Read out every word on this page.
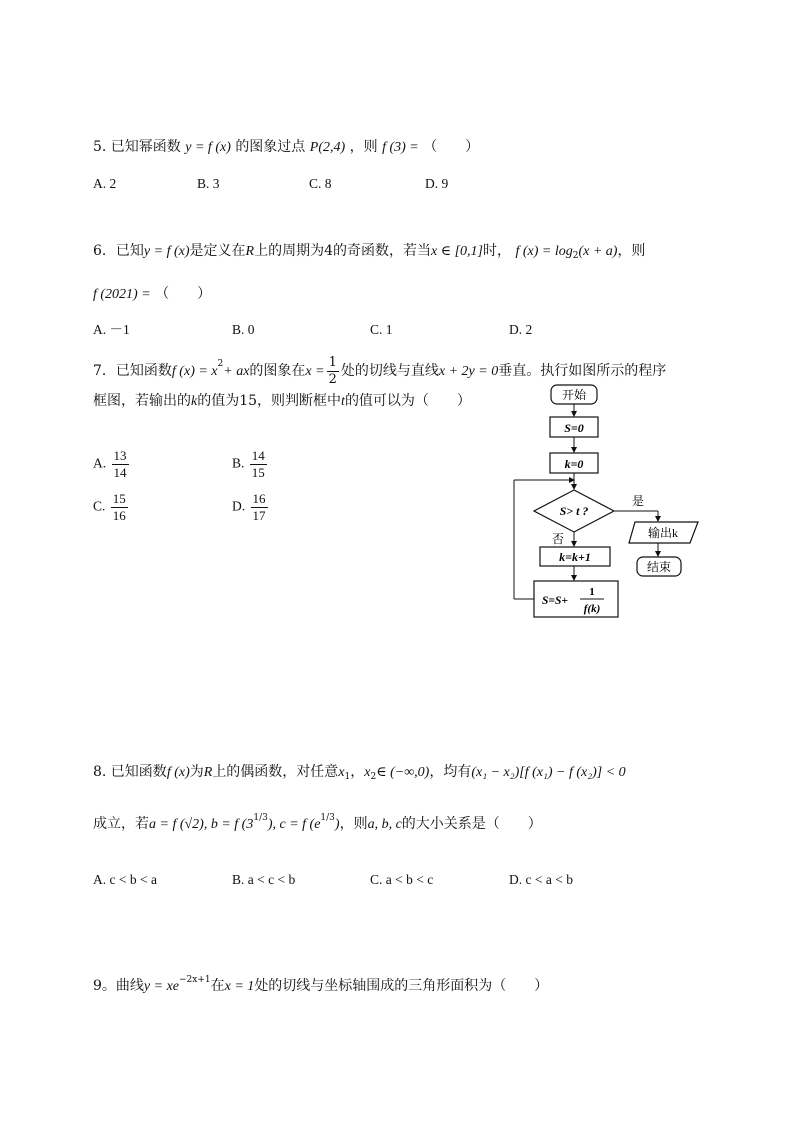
5. 已知幂函数 y = f (x) 的图象过点 P(2,4) ，则 f (3) = （　　）
A. 2	B. 3	C. 8	D. 9
6．已知y = f (x)是定义在R上的周期为4的奇函数，若当x ∈ [0,1]时， f $(x) = \log_2(x + a)$，则
f (2021) = （　　）
A. －1	B. 0	C. 1	D. 2
7．已知函数f $(x) = x^2+$ ax的图象在$x = \frac{1}{2}$ 处的切线与直线x + 2y = 0垂直。执行如图所示的程序
框图，若输出的k的值为15，则判断框中t的值可以为（　　）
A. $\frac{13}{14}$	B. $\frac{14}{15}$
C. $\frac{15}{16}$	D. $\frac{16}{17}$
开始
S=0
k=0
S> t ?
是
输出k
结束
否
k=k+1
S=S+
1
f(k)
8. 已知函数f (x)为R上的偶函数，对任意$x_1$，$x_2\in$ (−∞,0)，均有(x₁ − x₂)[f (x₁) − f (x₂)] < 0
成立，若a = f (√2), b = f $(3^{1/3})$, c = f $(e^{1/3})$，则a, b, c的大小关系是（　　）
A. c < b < a	B. a < c < b	C. a < b < c	D. c < a < b
9。曲线$y = xe^{-2x+1}$在x = 1处的切线与坐标轴围成的三角形面积为（　　）
